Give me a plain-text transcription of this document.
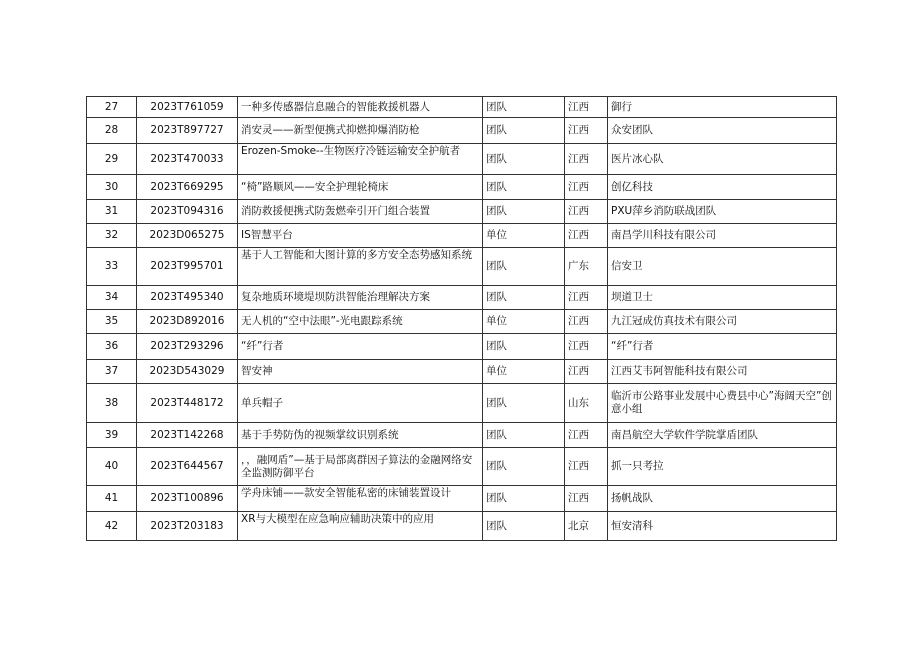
27	2023T761059	一种多传感器信息融合的智能救援机器人	团队	江西	御行
28	2023T897727	消安灵——新型便携式抑燃抑爆消防枪	团队	江西	众安团队
29	2023T470033	Erozen-Smoke--生物医疗冷链运输安全护航者	团队	江西	医片冰心队
30	2023T669295	“椅”路顺风——安全护理轮椅床	团队	江西	创亿科技
31	2023T094316	消防救援便携式防轰燃牵引开门组合装置	团队	江西	PXU萍乡消防联战团队
32	2023D065275	IS智慧平台	单位	江西	南昌学川科技有限公司
33	2023T995701	基于人工智能和大图计算的多方安全态势感知系统	团队	广东	信安卫
34	2023T495340	复杂地质环境堤坝防洪智能治理解决方案	团队	江西	坝道卫士
35	2023D892016	无人机的“空中法眼”-光电跟踪系统	单位	江西	九江冠成仿真技术有限公司
36	2023T293296	“纤”行者	团队	江西	“纤”行者
37	2023D543029	智安神	单位	江西	江西艾韦阿智能科技有限公司
38	2023T448172	单兵帽子	团队	山东	临沂市公路事业发展中心费县中心”海阔天空”创意小组
39	2023T142268	基于手势防伪的视频掌纹识别系统	团队	江西	南昌航空大学软件学院掌盾团队
40	2023T644567	，，融网盾”—基于局部离群因子算法的金融网络安全监测防御平台	团队	江西	抓一只考拉
41	2023T100896	学舟床铺——款安全智能私密的床铺装置设计	团队	江西	扬帆战队
42	2023T203183	XR与大模型在应急响应辅助决策中的应用	团队	北京	恒安清科
